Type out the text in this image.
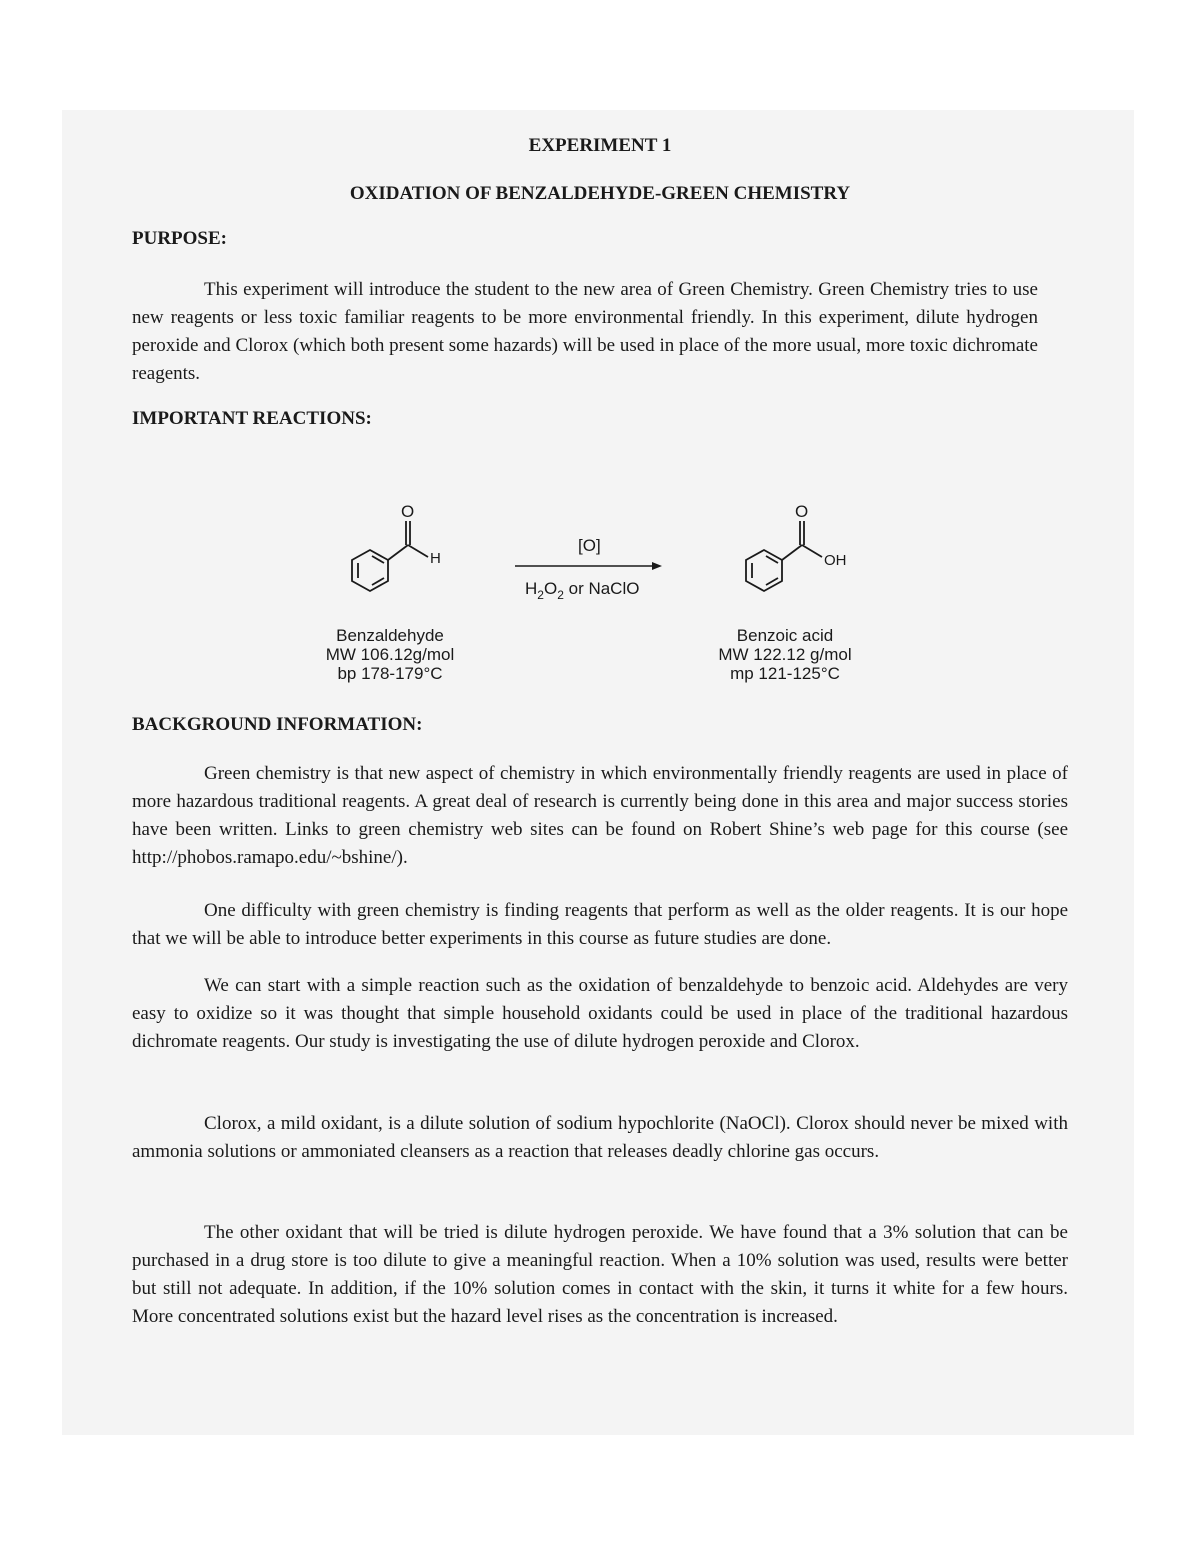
EXPERIMENT 1
OXIDATION OF BENZALDEHYDE-GREEN CHEMISTRY
PURPOSE:
This experiment will introduce the student to the new area of Green Chemistry. Green Chemistry tries to use new reagents or less toxic familiar reagents to be more environmental friendly. In this experiment, dilute hydrogen peroxide and Clorox (which both present some hazards) will be used in place of the more usual, more toxic dichromate reagents.
IMPORTANT REACTIONS:
O
H
[O]
$H_2O_2$ or NaClO
O
OH
Benzaldehyde
MW 106.12g/mol
bp 178-179°C
Benzoic acid
MW 122.12 g/mol
mp 121-125°C
BACKGROUND INFORMATION:
Green chemistry is that new aspect of chemistry in which environmentally friendly reagents are used in place of more hazardous traditional reagents. A great deal of research is currently being done in this area and major success stories have been written. Links to green chemistry web sites can be found on Robert Shine’s web page for this course (see http://phobos.ramapo.edu/~bshine/).
One difficulty with green chemistry is finding reagents that perform as well as the older reagents. It is our hope that we will be able to introduce better experiments in this course as future studies are done.
We can start with a simple reaction such as the oxidation of benzaldehyde to benzoic acid. Aldehydes are very easy to oxidize so it was thought that simple household oxidants could be used in place of the traditional hazardous dichromate reagents. Our study is investigating the use of dilute hydrogen peroxide and Clorox.
Clorox, a mild oxidant, is a dilute solution of sodium hypochlorite (NaOCl). Clorox should never be mixed with ammonia solutions or ammoniated cleansers as a reaction that releases deadly chlorine gas occurs.
The other oxidant that will be tried is dilute hydrogen peroxide. We have found that a 3% solution that can be purchased in a drug store is too dilute to give a meaningful reaction. When a 10% solution was used, results were better but still not adequate. In addition, if the 10% solution comes in contact with the skin, it turns it white for a few hours. More concentrated solutions exist but the hazard level rises as the concentration is increased.
